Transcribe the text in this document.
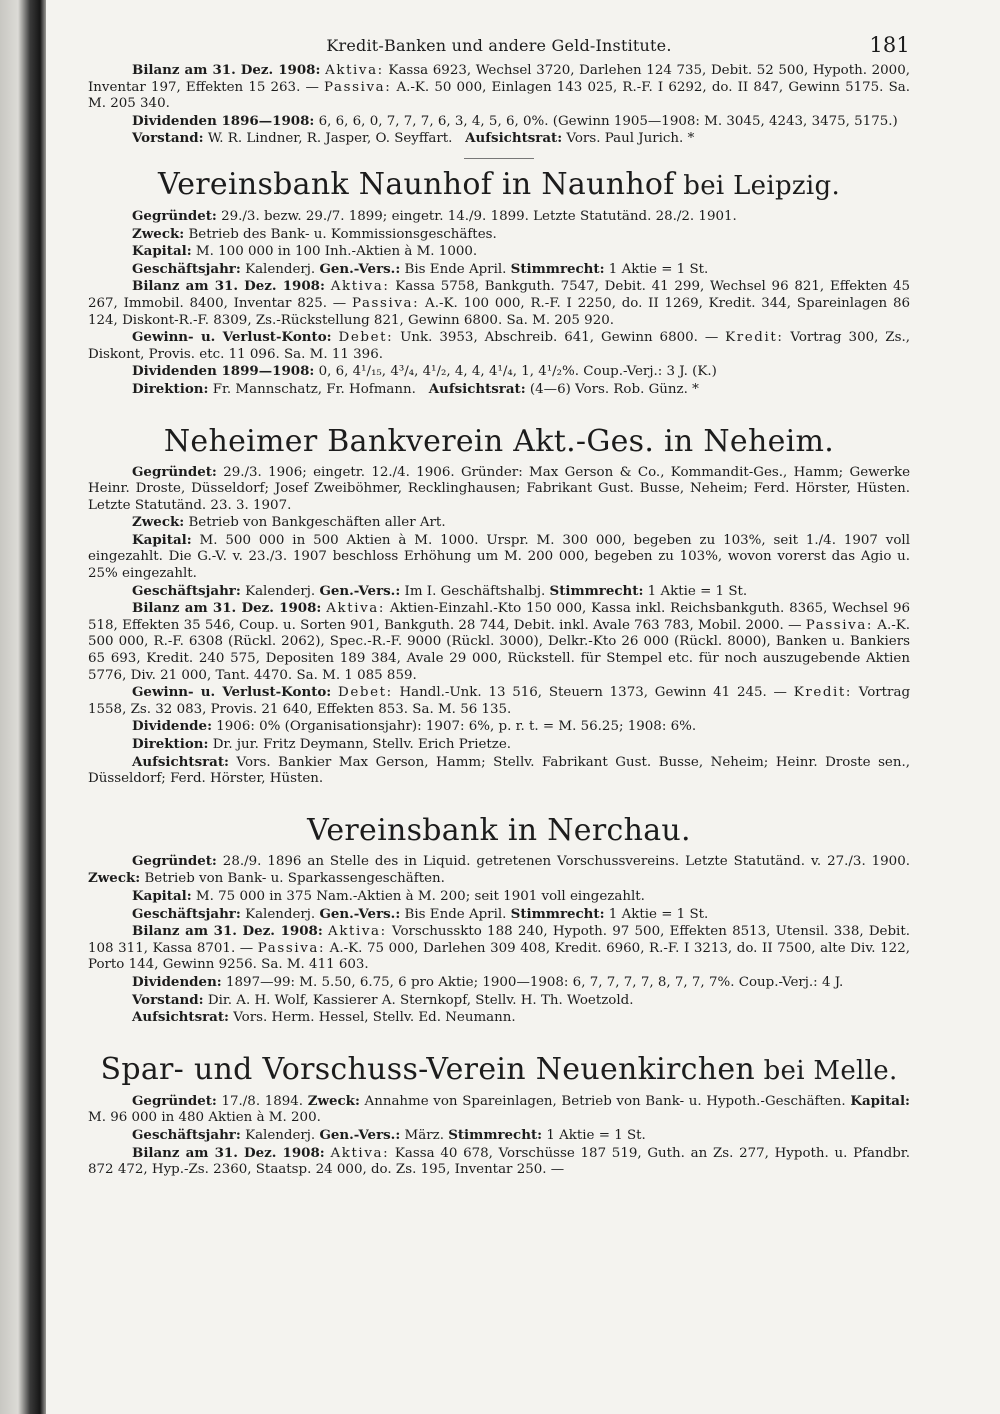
Kredit-Banken und andere Geld-Institute.	181

Bilanz am 31. Dez. 1908: Aktiva: Kassa 6923, Wechsel 3720, Darlehen 124 735, Debit. 52 500, Hypoth. 2000, Inventar 197, Effekten 15 263. — Passiva: A.-K. 50 000, Einlagen 143 025, R.-F. I 6292, do. II 847, Gewinn 5175. Sa. M. 205 340.

Dividenden 1896—1908: 6, 6, 6, 0, 7, 7, 7, 6, 3, 4, 5, 6, 0%. (Gewinn 1905—1908: M. 3045, 4243, 3475, 5175.)

Vorstand: W. R. Lindner, R. Jasper, O. Seyffart.   Aufsichtsrat: Vors. Paul Jurich. *

Vereinsbank Naunhof in Naunhof bei Leipzig.

Gegründet: 29./3. bezw. 29./7. 1899; eingetr. 14./9. 1899. Letzte Statutänd. 28./2. 1901.

Zweck: Betrieb des Bank- u. Kommissionsgeschäftes.

Kapital: M. 100 000 in 100 Inh.-Aktien à M. 1000.

Geschäftsjahr: Kalenderj. Gen.-Vers.: Bis Ende April. Stimmrecht: 1 Aktie = 1 St.

Bilanz am 31. Dez. 1908: Aktiva: Kassa 5758, Bankguth. 7547, Debit. 41 299, Wechsel 96 821, Effekten 45 267, Immobil. 8400, Inventar 825. — Passiva: A.-K. 100 000, R.-F. I 2250, do. II 1269, Kredit. 344, Spareinlagen 86 124, Diskont-R.-F. 8309, Zs.-Rückstellung 821, Gewinn 6800. Sa. M. 205 920.

Gewinn- u. Verlust-Konto: Debet: Unk. 3953, Abschreib. 641, Gewinn 6800. — Kredit: Vortrag 300, Zs., Diskont, Provis. etc. 11 096. Sa. M. 11 396.

Dividenden 1899—1908: 0, 6, 4¹/₁₅, 4³/₄, 4¹/₂, 4, 4, 4¹/₄, 1, 4¹/₂%. Coup.-Verj.: 3 J. (K.)

Direktion: Fr. Mannschatz, Fr. Hofmann.   Aufsichtsrat: (4—6) Vors. Rob. Günz. *

Neheimer Bankverein Akt.-Ges. in Neheim.

Gegründet: 29./3. 1906; eingetr. 12./4. 1906. Gründer: Max Gerson & Co., Kommandit-Ges., Hamm; Gewerke Heinr. Droste, Düsseldorf; Josef Zweiböhmer, Recklinghausen; Fabrikant Gust. Busse, Neheim; Ferd. Hörster, Hüsten. Letzte Statutänd. 23. 3. 1907.

Zweck: Betrieb von Bankgeschäften aller Art.

Kapital: M. 500 000 in 500 Aktien à M. 1000. Urspr. M. 300 000, begeben zu 103%, seit 1./4. 1907 voll eingezahlt. Die G.-V. v. 23./3. 1907 beschloss Erhöhung um M. 200 000, begeben zu 103%, wovon vorerst das Agio u. 25% eingezahlt.

Geschäftsjahr: Kalenderj. Gen.-Vers.: Im I. Geschäftshalbj. Stimmrecht: 1 Aktie = 1 St.

Bilanz am 31. Dez. 1908: Aktiva: Aktien-Einzahl.-Kto 150 000, Kassa inkl. Reichsbankguth. 8365, Wechsel 96 518, Effekten 35 546, Coup. u. Sorten 901, Bankguth. 28 744, Debit. inkl. Avale 763 783, Mobil. 2000. — Passiva: A.-K. 500 000, R.-F. 6308 (Rückl. 2062), Spec.-R.-F. 9000 (Rückl. 3000), Delkr.-Kto 26 000 (Rückl. 8000), Banken u. Bankiers 65 693, Kredit. 240 575, Depositen 189 384, Avale 29 000, Rückstell. für Stempel etc. für noch auszugebende Aktien 5776, Div. 21 000, Tant. 4470. Sa. M. 1 085 859.

Gewinn- u. Verlust-Konto: Debet: Handl.-Unk. 13 516, Steuern 1373, Gewinn 41 245. — Kredit: Vortrag 1558, Zs. 32 083, Provis. 21 640, Effekten 853. Sa. M. 56 135.

Dividende: 1906: 0% (Organisationsjahr): 1907: 6%, p. r. t. = M. 56.25; 1908: 6%.

Direktion: Dr. jur. Fritz Deymann, Stellv. Erich Prietze.

Aufsichtsrat: Vors. Bankier Max Gerson, Hamm; Stellv. Fabrikant Gust. Busse, Neheim; Heinr. Droste sen., Düsseldorf; Ferd. Hörster, Hüsten.

Vereinsbank in Nerchau.

Gegründet: 28./9. 1896 an Stelle des in Liquid. getretenen Vorschussvereins. Letzte Statutänd. v. 27./3. 1900. Zweck: Betrieb von Bank- u. Sparkassengeschäften.

Kapital: M. 75 000 in 375 Nam.-Aktien à M. 200; seit 1901 voll eingezahlt.

Geschäftsjahr: Kalenderj. Gen.-Vers.: Bis Ende April. Stimmrecht: 1 Aktie = 1 St.

Bilanz am 31. Dez. 1908: Aktiva: Vorschusskto 188 240, Hypoth. 97 500, Effekten 8513, Utensil. 338, Debit. 108 311, Kassa 8701. — Passiva: A.-K. 75 000, Darlehen 309 408, Kredit. 6960, R.-F. I 3213, do. II 7500, alte Div. 122, Porto 144, Gewinn 9256. Sa. M. 411 603.

Dividenden: 1897—99: M. 5.50, 6.75, 6 pro Aktie; 1900—1908: 6, 7, 7, 7, 7, 8, 7, 7, 7%. Coup.-Verj.: 4 J.

Vorstand: Dir. A. H. Wolf, Kassierer A. Sternkopf, Stellv. H. Th. Woetzold.

Aufsichtsrat: Vors. Herm. Hessel, Stellv. Ed. Neumann.

Spar- und Vorschuss-Verein Neuenkirchen bei Melle.

Gegründet: 17./8. 1894. Zweck: Annahme von Spareinlagen, Betrieb von Bank- u. Hypoth.-Geschäften. Kapital: M. 96 000 in 480 Aktien à M. 200.

Geschäftsjahr: Kalenderj. Gen.-Vers.: März. Stimmrecht: 1 Aktie = 1 St.

Bilanz am 31. Dez. 1908: Aktiva: Kassa 40 678, Vorschüsse 187 519, Guth. an Zs. 277, Hypoth. u. Pfandbr. 872 472, Hyp.-Zs. 2360, Staatsp. 24 000, do. Zs. 195, Inventar 250. —
